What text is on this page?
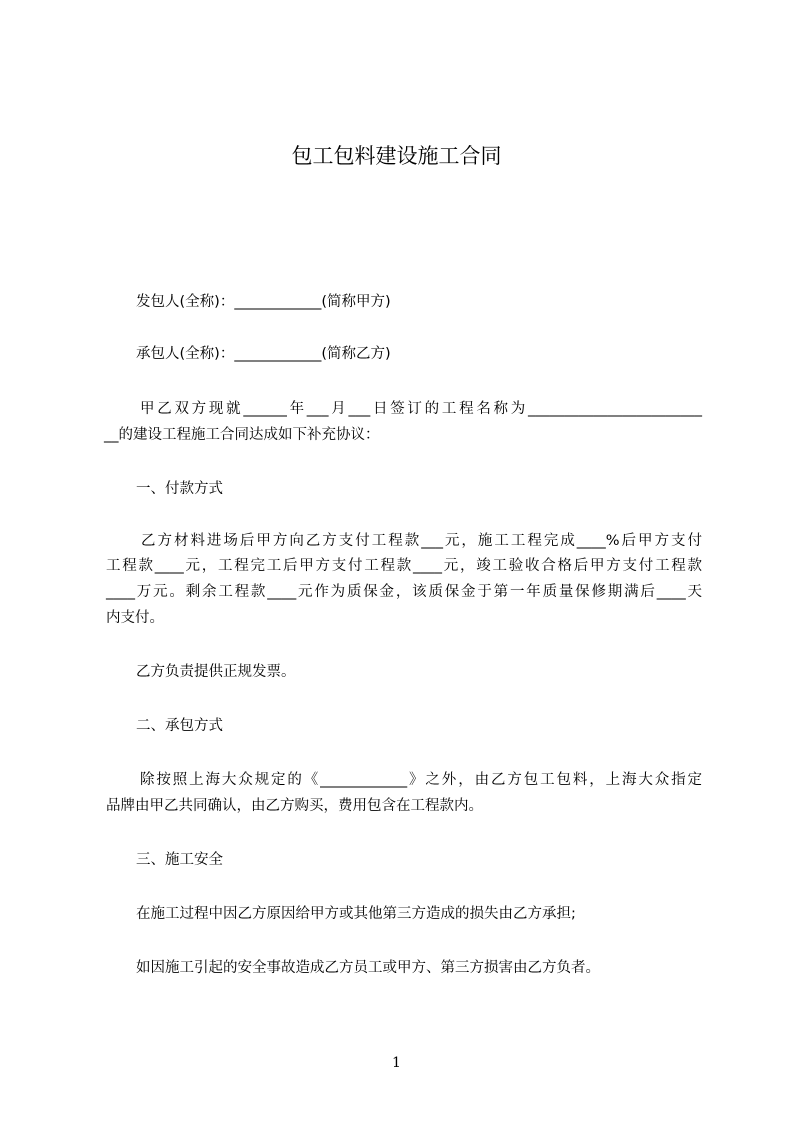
包工包料建设施工合同
发包人(全称)：____________(简称甲方)
承包人(全称)：____________(简称乙方)
甲乙双方现就______年___月___日签订的工程名称为________________________
__的建设工程施工合同达成如下补充协议：
一、付款方式
乙方材料进场后甲方向乙方支付工程款___元，施工工程完成____%后甲方支付
工程款____元，工程完工后甲方支付工程款____元，竣工验收合格后甲方支付工程款
____万元。剩余工程款____元作为质保金，该质保金于第一年质量保修期满后____天
内支付。
乙方负责提供正规发票。
二、承包方式
除按照上海大众规定的《____________》之外，由乙方包工包料，上海大众指定
品牌由甲乙共同确认，由乙方购买，费用包含在工程款内。
三、施工安全
在施工过程中因乙方原因给甲方或其他第三方造成的损失由乙方承担;
如因施工引起的安全事故造成乙方员工或甲方、第三方损害由乙方负者。
1
